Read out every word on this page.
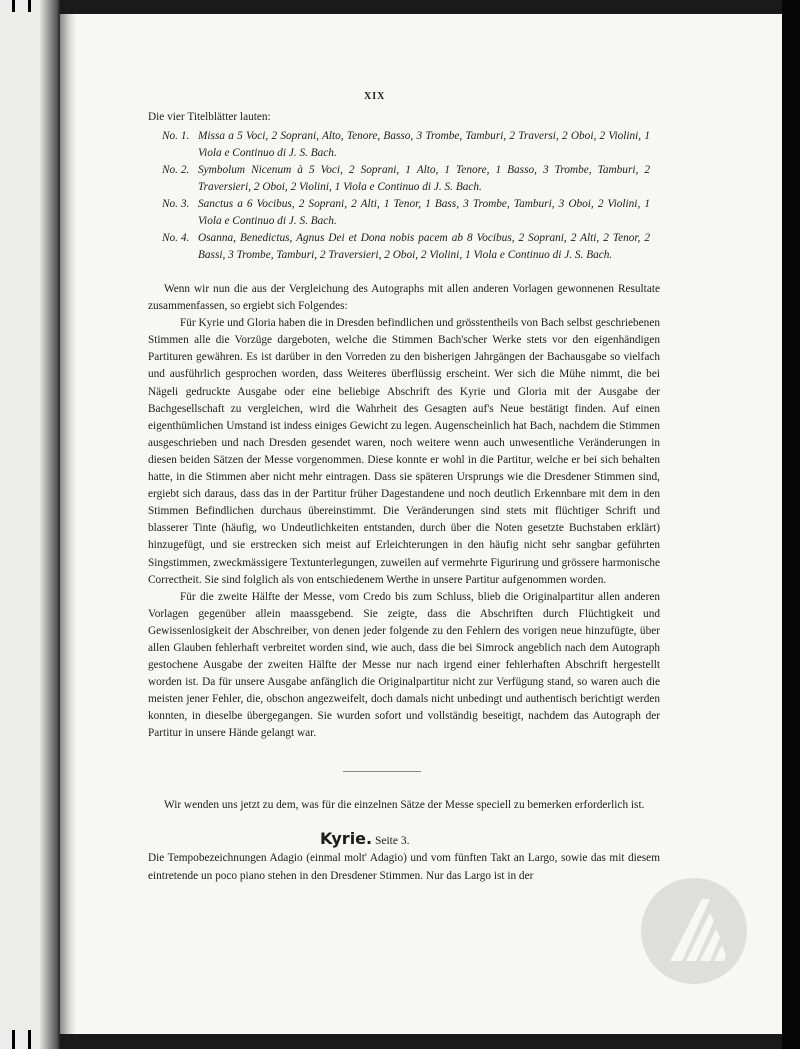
XIX
Die vier Titelblätter lauten:
No. 1. Missa a 5 Voci, 2 Soprani, Alto, Tenore, Basso, 3 Trombe, Tamburi, 2 Traversi, 2 Oboi, 2 Violini, 1 Viola e Continuo di J. S. Bach.
No. 2. Symbolum Nicenum à 5 Voci, 2 Soprani, 1 Alto, 1 Tenore, 1 Basso, 3 Trombe, Tamburi, 2 Traversieri, 2 Oboi, 2 Violini, 1 Viola e Continuo di J. S. Bach.
No. 3. Sanctus a 6 Vocibus, 2 Soprani, 2 Alti, 1 Tenor, 1 Bass, 3 Trombe, Tamburi, 3 Oboi, 2 Violini, 1 Viola e Continuo di J. S. Bach.
No. 4. Osanna, Benedictus, Agnus Dei et Dona nobis pacem ab 8 Vocibus, 2 Soprani, 2 Alti, 2 Tenor, 2 Bassi, 3 Trombe, Tamburi, 2 Traversieri, 2 Oboi, 2 Violini, 1 Viola e Continuo di J. S. Bach.

Wenn wir nun die aus der Vergleichung des Autographs mit allen anderen Vorlagen gewonnenen Resultate zusammenfassen, so ergiebt sich Folgendes:

Für Kyrie und Gloria haben die in Dresden befindlichen und grösstentheils von Bach selbst geschriebenen Stimmen alle die Vorzüge dargeboten, welche die Stimmen Bach'scher Werke stets vor den eigenhändigen Partituren gewähren. Es ist darüber in den Vorreden zu den bisherigen Jahrgängen der Bachausgabe so vielfach und ausführlich gesprochen worden, dass Weiteres überflüssig erscheint. Wer sich die Mühe nimmt, die bei Nägeli gedruckte Ausgabe oder eine beliebige Abschrift des Kyrie und Gloria mit der Ausgabe der Bachgesellschaft zu vergleichen, wird die Wahrheit des Gesagten auf's Neue bestätigt finden. Auf einen eigenthümlichen Umstand ist indess einiges Gewicht zu legen. Augenscheinlich hat Bach, nachdem die Stimmen ausgeschrieben und nach Dresden gesendet waren, noch weitere wenn auch unwesentliche Veränderungen in diesen beiden Sätzen der Messe vorgenommen. Diese konnte er wohl in die Partitur, welche er bei sich behalten hatte, in die Stimmen aber nicht mehr eintragen. Dass sie späteren Ursprungs wie die Dresdener Stimmen sind, ergiebt sich daraus, dass das in der Partitur früher Dagestandene und noch deutlich Erkennbare mit dem in den Stimmen Befindlichen durchaus übereinstimmt. Die Veränderungen sind stets mit flüchtiger Schrift und blasserer Tinte (häufig, wo Undeutlichkeiten entstanden, durch über die Noten gesetzte Buchstaben erklärt) hinzugefügt, und sie erstrecken sich meist auf Erleichterungen in den häufig nicht sehr sangbar geführten Singstimmen, zweckmässigere Textunterlegungen, zuweilen auf vermehrte Figurirung und grössere harmonische Correctheit. Sie sind folglich als von entschiedenem Werthe in unsere Partitur aufgenommen worden.

Für die zweite Hälfte der Messe, vom Credo bis zum Schluss, blieb die Originalpartitur allen anderen Vorlagen gegenüber allein maassgebend. Sie zeigte, dass die Abschriften durch Flüchtigkeit und Gewissenlosigkeit der Abschreiber, von denen jeder folgende zu den Fehlern des vorigen neue hinzufügte, über allen Glauben fehlerhaft verbreitet worden sind, wie auch, dass die bei Simrock angeblich nach dem Autograph gestochene Ausgabe der zweiten Hälfte der Messe nur nach irgend einer fehlerhaften Abschrift hergestellt worden ist. Da für unsere Ausgabe anfänglich die Originalpartitur nicht zur Verfügung stand, so waren auch die meisten jener Fehler, die, obschon angezweifelt, doch damals nicht unbedingt und authentisch berichtigt werden konnten, in dieselbe übergegangen. Sie wurden sofort und vollständig beseitigt, nachdem das Autograph der Partitur in unsere Hände gelangt war.

Wir wenden uns jetzt zu dem, was für die einzelnen Sätze der Messe speciell zu bemerken erforderlich ist.

Kyrie. Seite 3.

Die Tempobezeichnungen Adagio (einmal molt' Adagio) und vom fünften Takt an Largo, sowie das mit diesem eintretende un poco piano stehen in den Dresdener Stimmen. Nur das Largo ist in der
